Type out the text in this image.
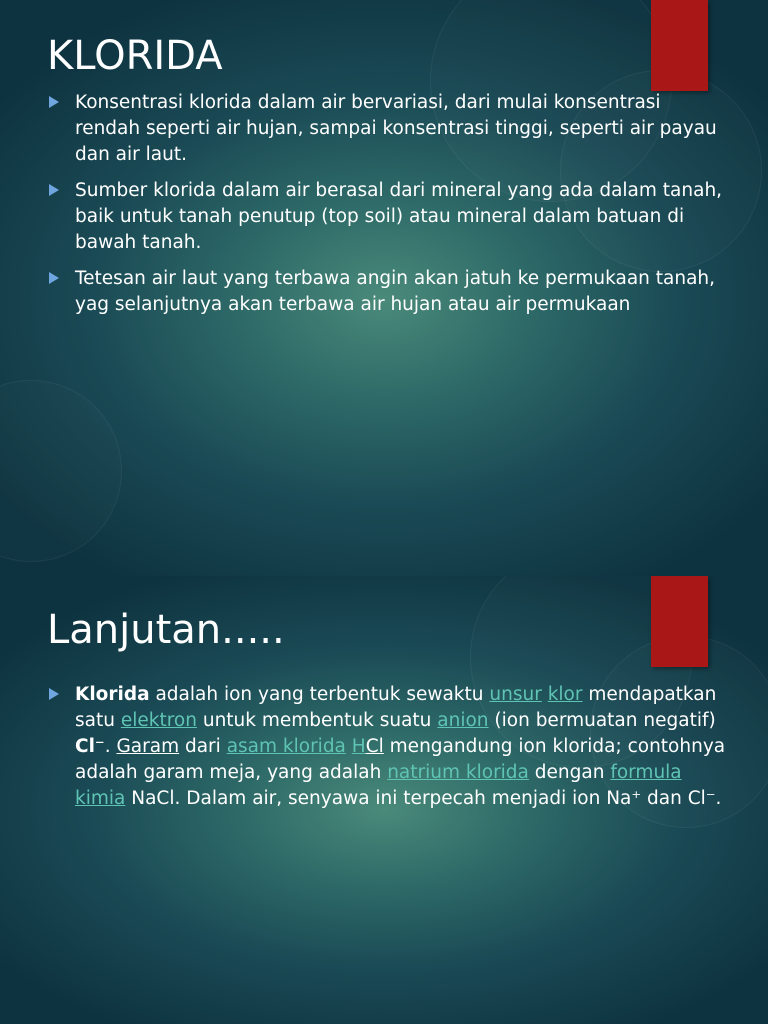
KLORIDA
Konsentrasi klorida dalam air bervariasi, dari mulai konsentrasi rendah seperti air hujan, sampai konsentrasi tinggi, seperti air payau dan air laut.
Sumber klorida dalam air berasal dari mineral yang ada dalam tanah, baik untuk tanah penutup (top soil) atau mineral dalam batuan di bawah tanah.
Tetesan air laut yang terbawa angin akan jatuh ke permukaan tanah, yag selanjutnya akan terbawa air hujan atau air permukaan
Lanjutan.....
Klorida adalah ion yang terbentuk sewaktu unsur klor mendapatkan satu elektron untuk membentuk suatu anion (ion bermuatan negatif) Cl⁻. Garam dari asam klorida HCl mengandung ion klorida; contohnya adalah garam meja, yang adalah natrium klorida dengan formula kimia NaCl. Dalam air, senyawa ini terpecah menjadi ion Na⁺ dan Cl⁻.
